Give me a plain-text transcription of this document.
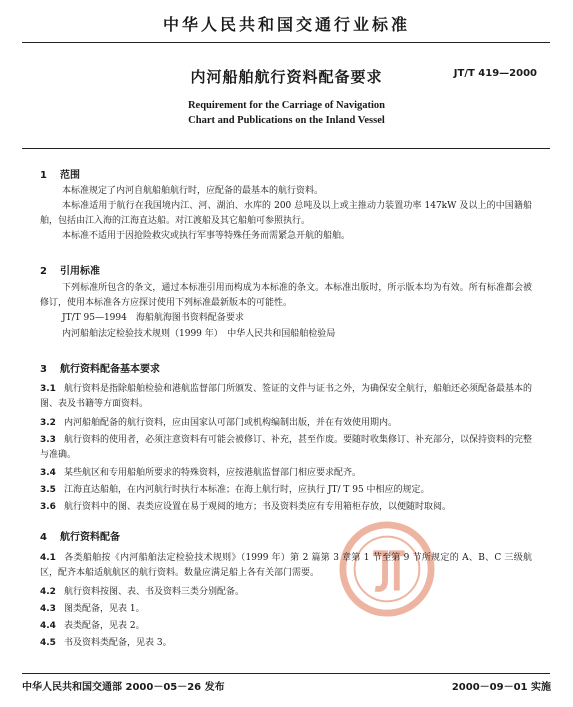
中华人民共和国交通行业标准
内河船舶航行资料配备要求	JT/T 419—2000
Requirement for the Carriage of Navigation
Chart and Publications on the Inland Vessel
1 范围
本标准规定了内河自航船舶航行时，应配备的最基本的航行资料。
本标准适用于航行在我国境内江、河、湖泊、水库的 200 总吨及以上或主推动力装置功率 147kW 及以上的中国籍船舶，包括由江入海的江海直达船。对江渡船及其它船舶可参照执行。
本标准不适用于因抢险救灾或执行军事等特殊任务而需紧急开航的船舶。
2 引用标准
下列标准所包含的条文，通过本标准引用而构成为本标准的条文。本标准出版时，所示版本均为有效。所有标准都会被修订，使用本标准各方应探讨使用下列标准最新版本的可能性。
JT/T 95—1994　海船航海图书资料配备要求
内河船舶法定检验技术规则（1999 年）　中华人民共和国船舶检验局
3 航行资料配备基本要求
3.1 航行资料是指除船舶检验和港航监督部门所颁发、签证的文件与证书之外，为确保安全航行，船舶还必须配备最基本的图、表及书籍等方面资料。
3.2 内河船舶配备的航行资料，应由国家认可部门或机构编制出版，并在有效使用期内。
3.3 航行资料的使用者，必须注意资料有可能会被修订、补充，甚至作废。要随时收集修订、补充部分，以保持资料的完整与准确。
3.4 某些航区和专用船舶所要求的特殊资料，应按港航监督部门相应要求配齐。
3.5 江海直达船舶，在内河航行时执行本标准；在海上航行时，应执行 JT/ T 95 中相应的规定。
3.6 航行资料中的图、表类应设置在易于观阅的地方；书及资料类应有专用箱柜存放，以便随时取阅。
4 航行资料配备
4.1 各类船舶按《内河船舶法定检验技术规则》（1999 年）第 2 篇第 3 章第 1 节至第 9 节所规定的 A、B、C 三级航区，配齐本船适航航区的航行资料。数量应满足船上各有关部门需要。
4.2 航行资料按图、表、书及资料三类分别配备。
4.3 图类配备，见表 1。
4.4 表类配备，见表 2。
4.5 书及资料类配备，见表 3。
中华人民共和国交通部 2000－05－26 发布	2000－09－01 实施
